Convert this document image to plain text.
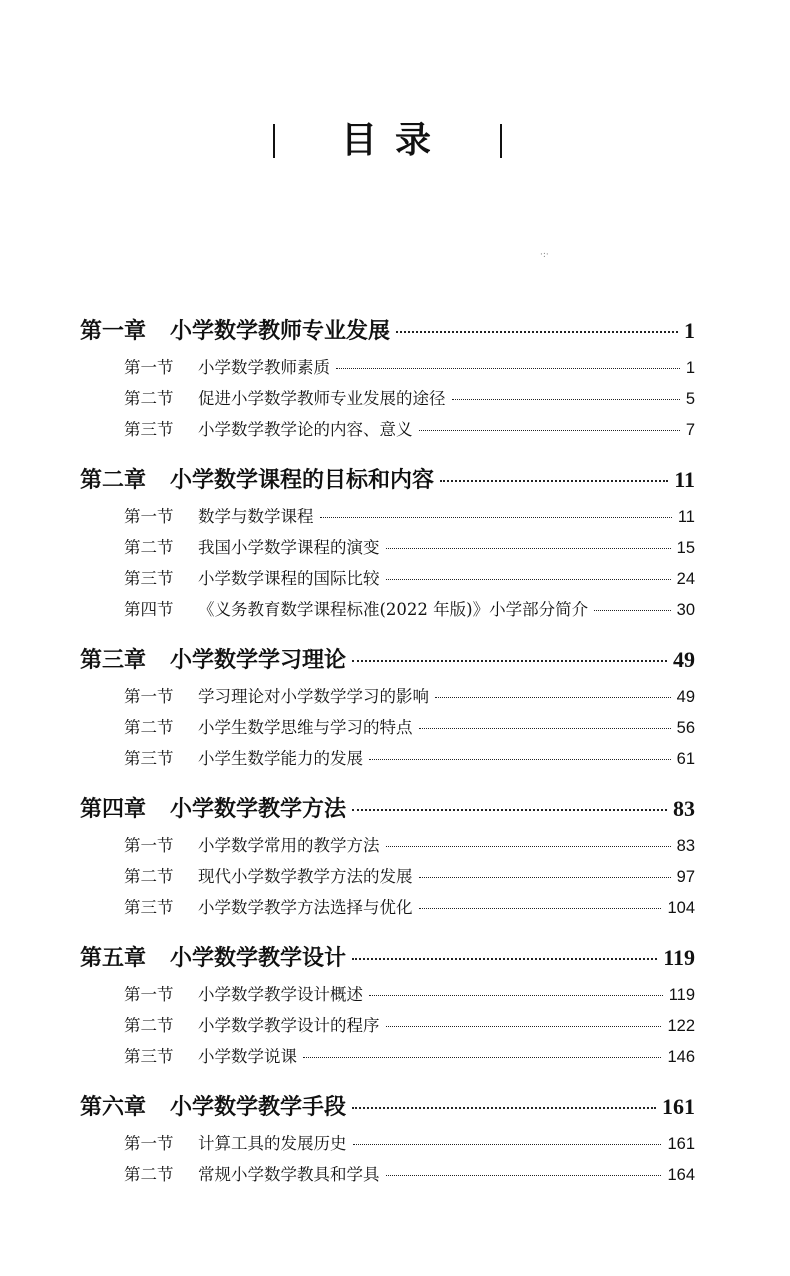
目录
·:·
第一章	小学数学教师专业发展	1
第一节	小学数学教师素质	1
第二节	促进小学数学教师专业发展的途径	5
第三节	小学数学教学论的内容、意义	7
第二章	小学数学课程的目标和内容	11
第一节	数学与数学课程	11
第二节	我国小学数学课程的演变	15
第三节	小学数学课程的国际比较	24
第四节	《义务教育数学课程标准(2022 年版)》小学部分简介	30
第三章	小学数学学习理论	49
第一节	学习理论对小学数学学习的影响	49
第二节	小学生数学思维与学习的特点	56
第三节	小学生数学能力的发展	61
第四章	小学数学教学方法	83
第一节	小学数学常用的教学方法	83
第二节	现代小学数学教学方法的发展	97
第三节	小学数学教学方法选择与优化	104
第五章	小学数学教学设计	119
第一节	小学数学教学设计概述	119
第二节	小学数学教学设计的程序	122
第三节	小学数学说课	146
第六章	小学数学教学手段	161
第一节	计算工具的发展历史	161
第二节	常规小学数学教具和学具	164
